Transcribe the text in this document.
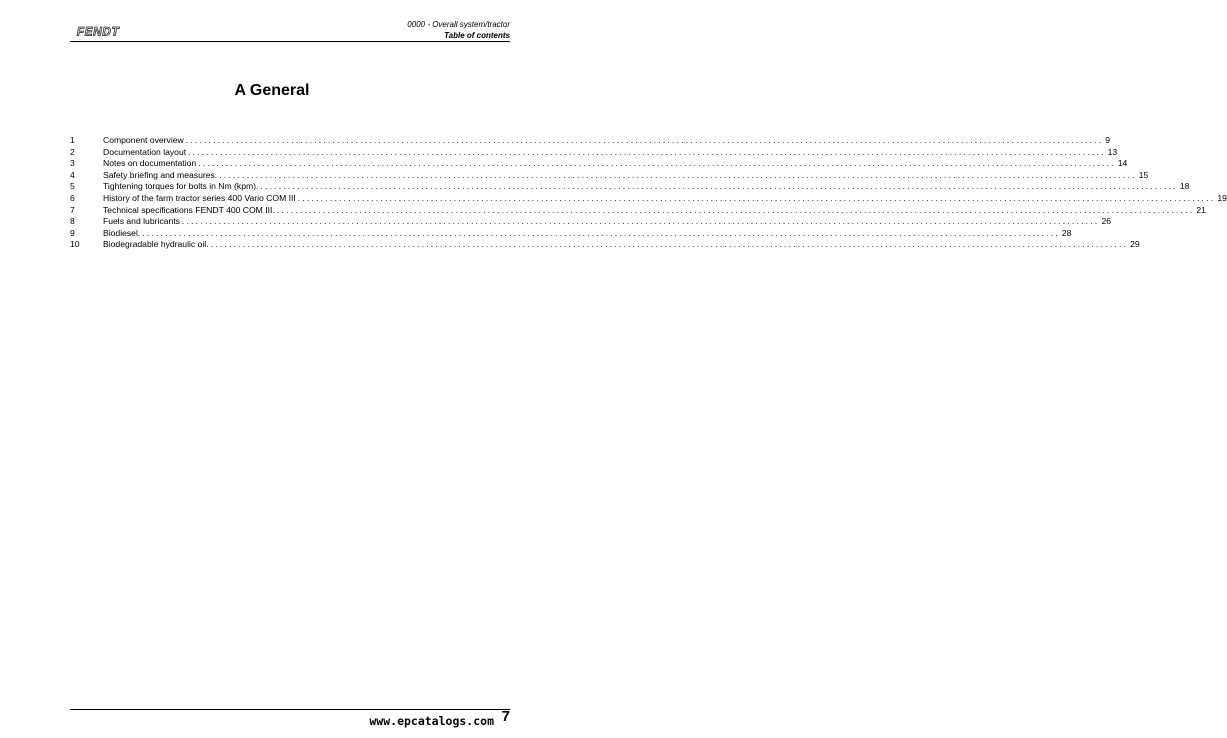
FENDT	0000 - Overall system/tractor
Table of contents
A General
1	Component overview ........................................................................................................................................................................................................ 9
2	Documentation layout ........................................................................................................................................................................................................ 13
3	Notes on documentation ........................................................................................................................................................................................................ 14
4	Safety briefing and measures. ........................................................................................................................................................................................................ 15
5	Tightening torques for bolts in Nm (kpm). ........................................................................................................................................................................................................ 18
6	History of the farm tractor series 400 Vario COM III ........................................................................................................................................................................................................ 19
7	Technical specifications FENDT 400 COM III. ........................................................................................................................................................................................................ 21
8	Fuels and lubricants ........................................................................................................................................................................................................ 26
9	Biodiesel. ........................................................................................................................................................................................................ 28
10	Biodegradable hydraulic oil. ........................................................................................................................................................................................................ 29
www.epcatalogs.com 7
